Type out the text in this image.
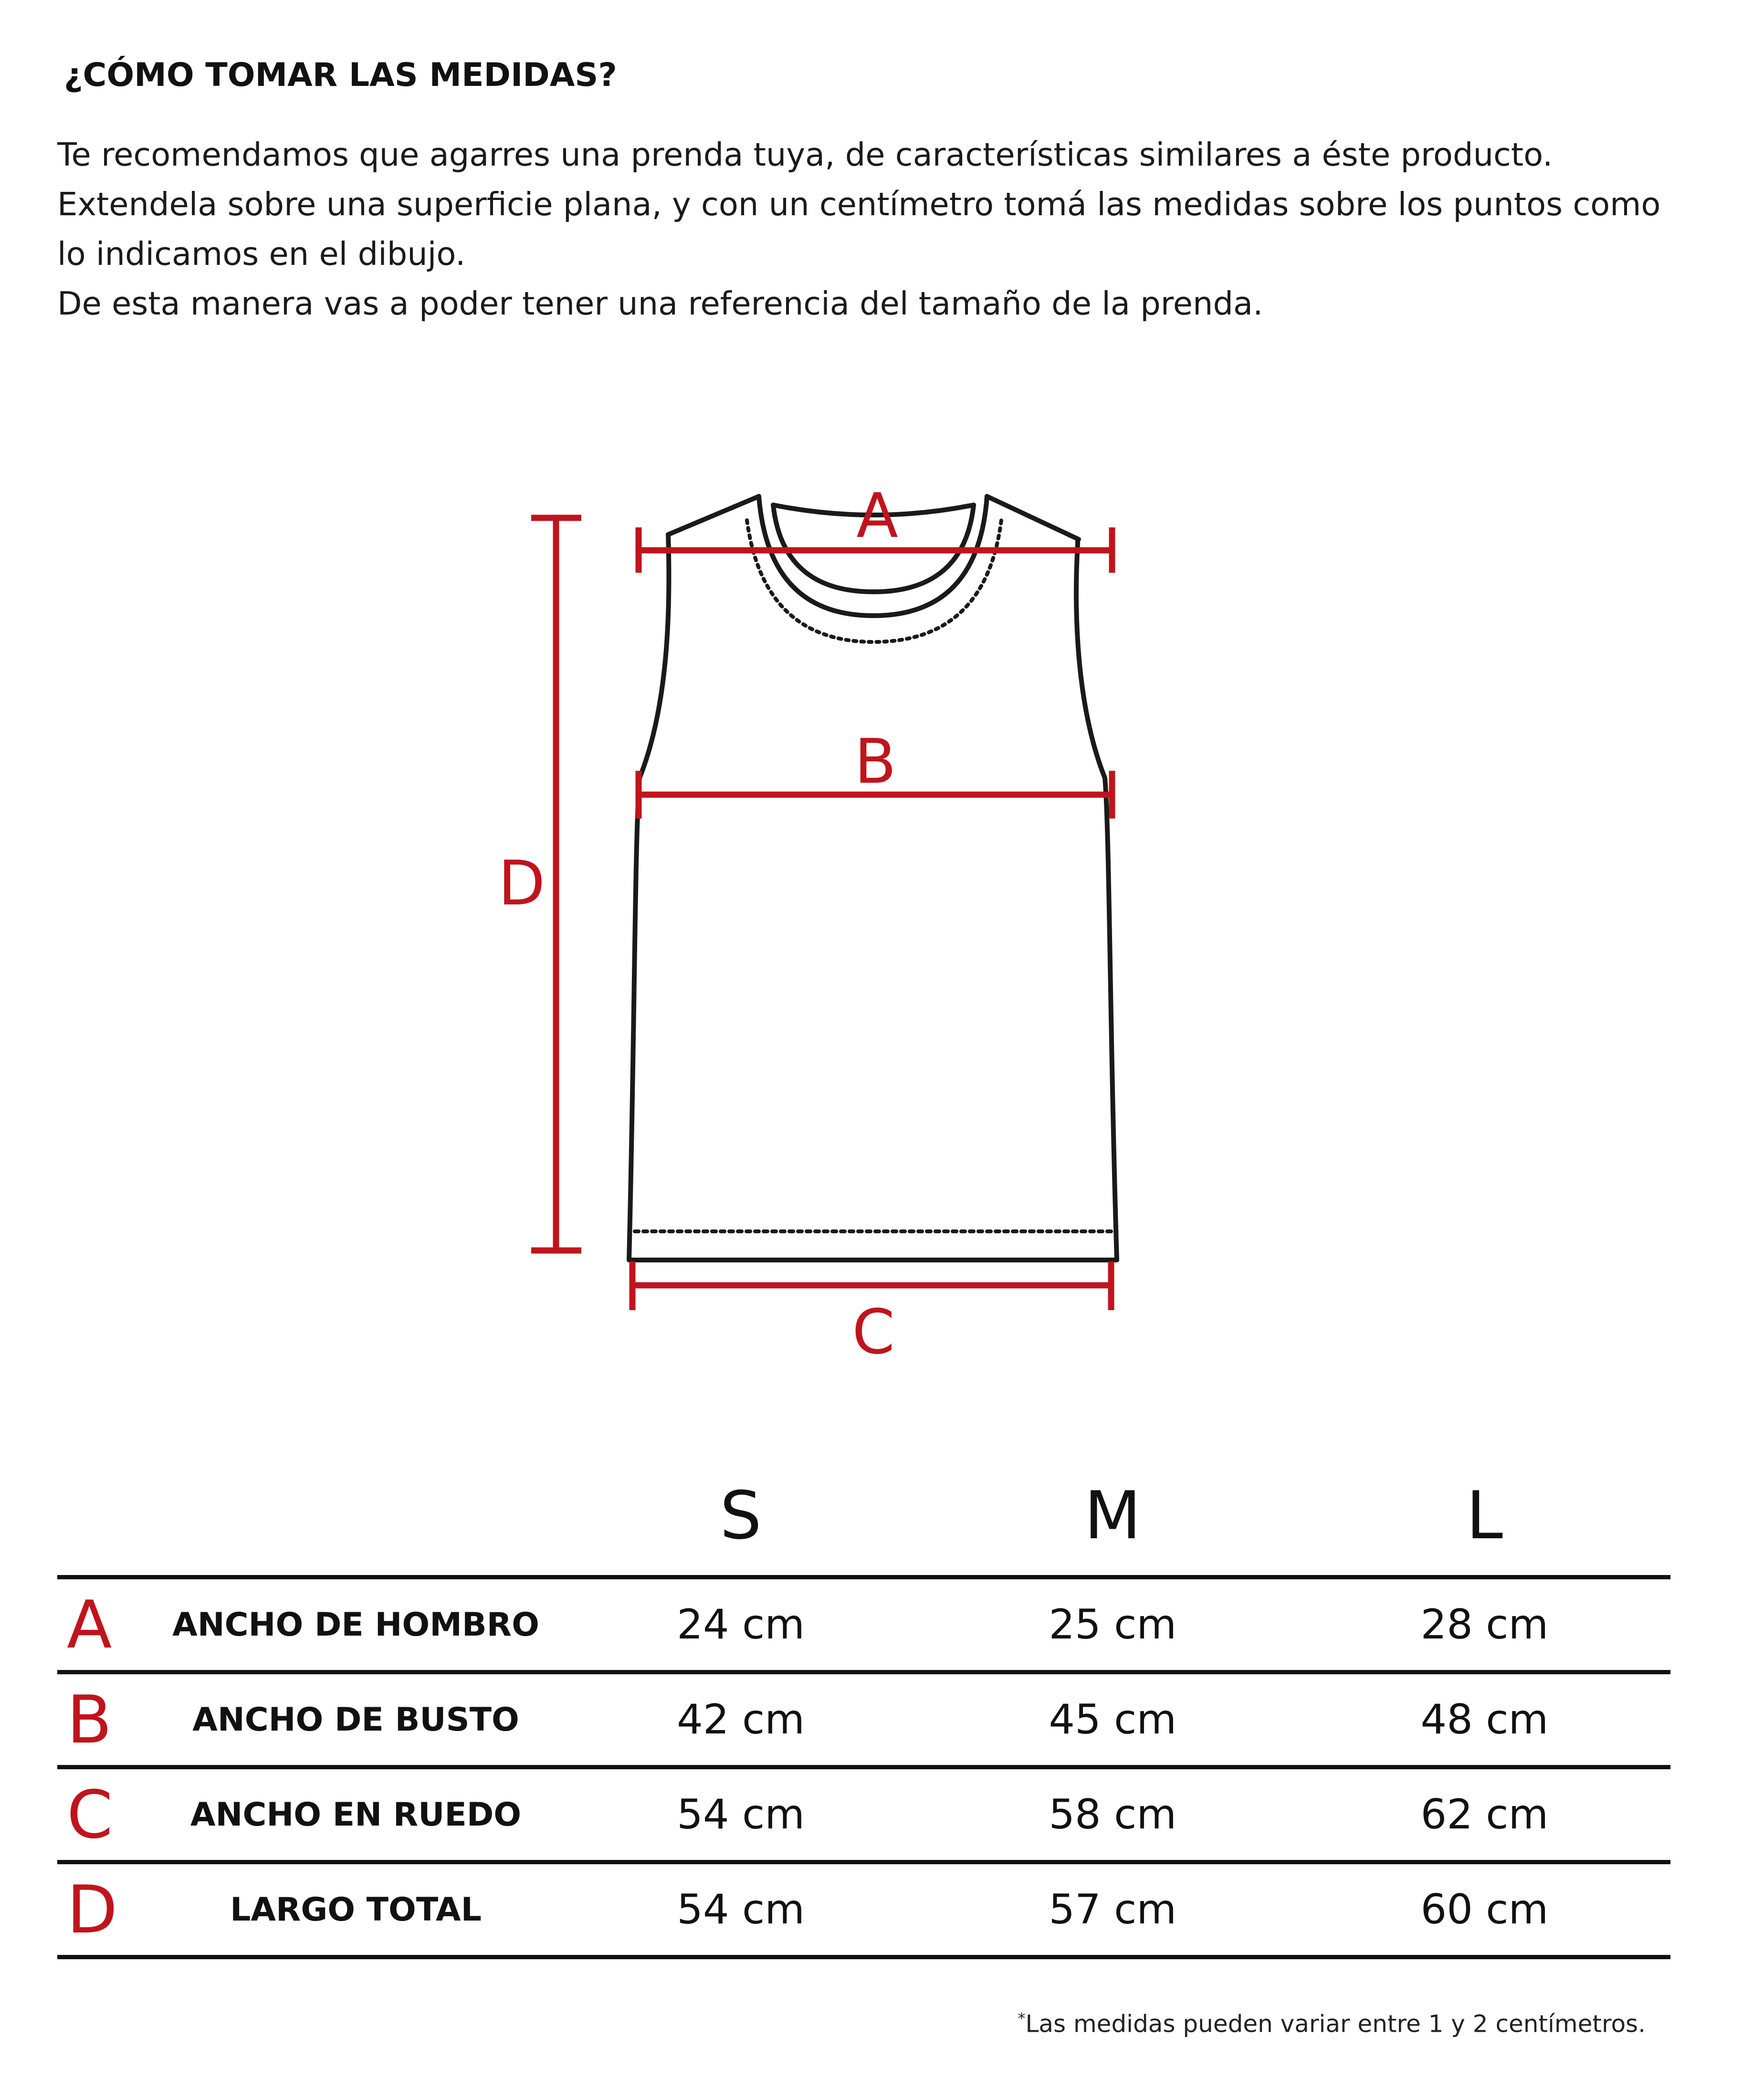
¿CÓMO TOMAR LAS MEDIDAS?

Te recomendamos que agarres una prenda tuya, de características similares a éste producto.

Extendela sobre una superficie plana, y con un centímetro tomá las medidas sobre los puntos como

lo indicamos en el dibujo.

De esta manera vas a poder tener una referencia del tamaño de la prenda.

A
B
C
D
		S	M	L
A	ANCHO DE HOMBRO	24 cm	25 cm	28 cm
B	ANCHO DE BUSTO	42 cm	45 cm	48 cm
C	ANCHO EN RUEDO	54 cm	58 cm	62 cm
D	LARGO TOTAL	54 cm	57 cm	60 cm

*Las medidas pueden variar entre 1 y 2 centímetros.
